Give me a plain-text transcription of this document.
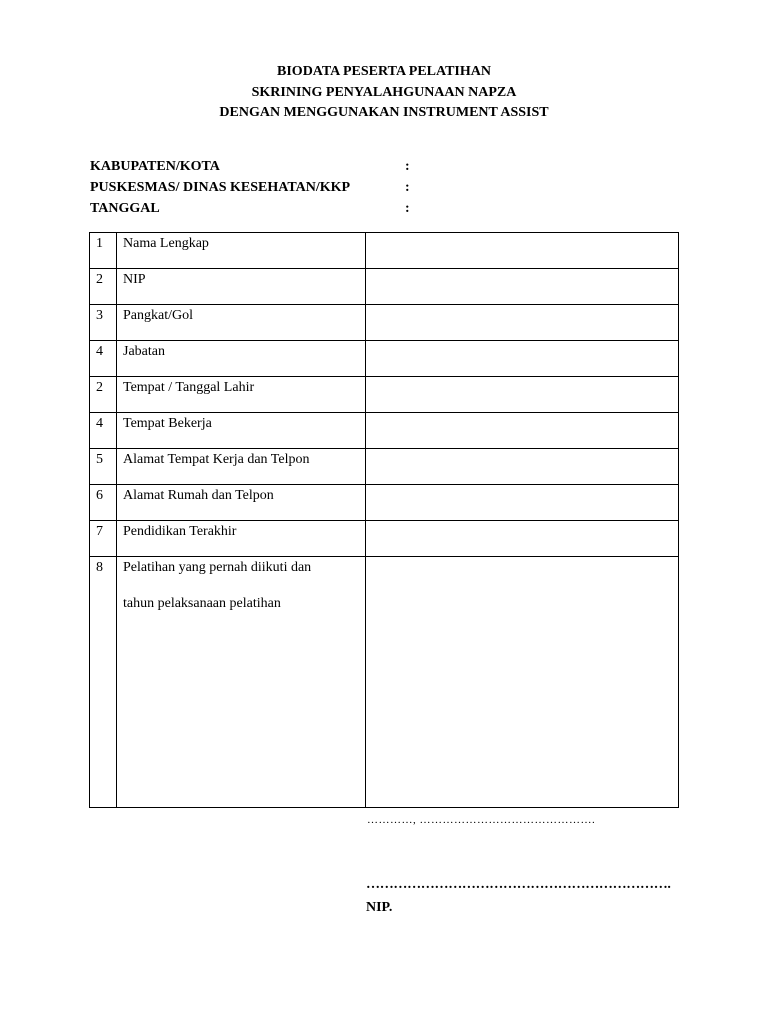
BIODATA PESERTA PELATIHAN
SKRINING PENYALAHGUNAAN NAPZA
DENGAN MENGGUNAKAN INSTRUMENT ASSIST
KABUPATEN/KOTA	:
PUSKESMAS/ DINAS KESEHATAN/KKP	:
TANGGAL	:
1	Nama Lengkap	
2	NIP	
3	Pangkat/Gol	
4	Jabatan	
2	Tempat / Tanggal Lahir	
4	Tempat Bekerja	
5	Alamat Tempat Kerja dan Telpon	
6	Alamat Rumah dan Telpon	
7	Pendidikan Terakhir	
8	Pelatihan yang pernah diikuti dan
tahun pelaksanaan pelatihan	

…………, ……………………………………….
………………………………………………………….
NIP.
